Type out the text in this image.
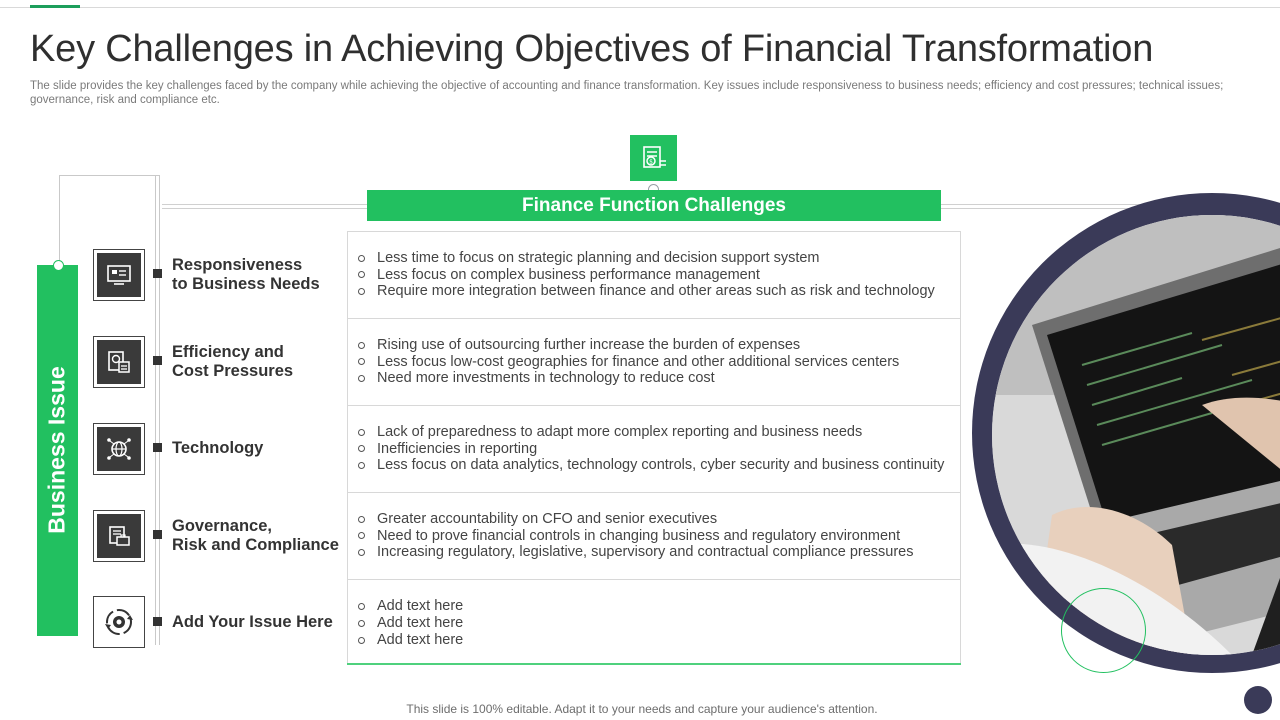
Key Challenges in Achieving Objectives of Financial Transformation
The slide provides the key challenges faced by the company while achieving the objective of accounting and finance transformation. Key issues include responsiveness to business needs; efficiency and cost pressures; technical issues; governance, risk and compliance etc.
$
Finance Function Challenges
Business Issue
Responsiveness
to Business Needs
Efficiency and
Cost Pressures
Technology
Governance,
Risk and Compliance
Add Your Issue Here
Less time to focus on strategic planning and decision support system
Less focus on complex business performance management
Require more integration between finance and other areas such as risk and technology
Rising use of outsourcing further increase the burden of expenses
Less focus low-cost geographies for finance and other additional services centers
Need more investments in technology to reduce cost
Lack of preparedness to adapt more complex reporting and business needs
Inefficiencies in reporting
Less focus on data analytics, technology controls, cyber security and business continuity
Greater accountability on CFO and senior executives
Need to prove financial controls in changing business and regulatory environment
Increasing regulatory, legislative, supervisory and contractual compliance pressures
Add text here
Add text here
Add text here
This slide is 100% editable. Adapt it to your needs and capture your audience's attention.
